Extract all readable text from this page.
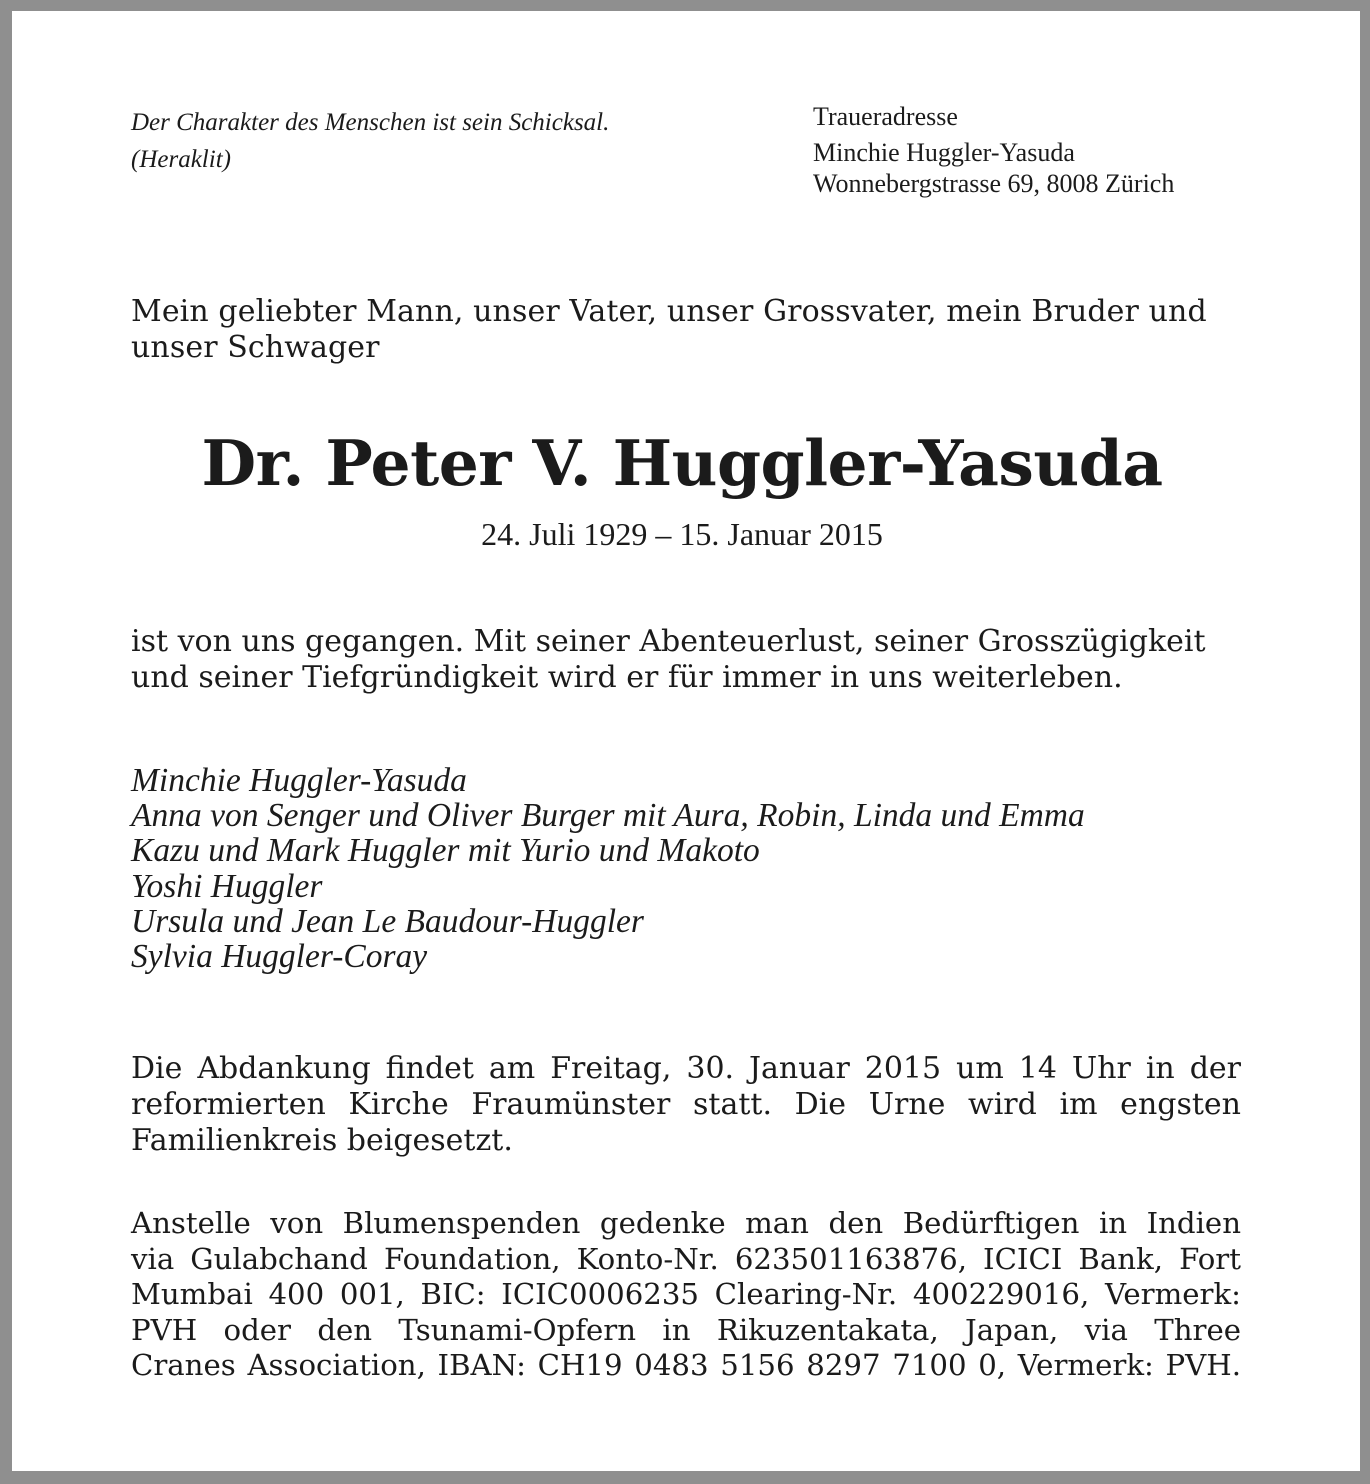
Der Charakter des Menschen ist sein Schicksal.
(Heraklit)
Traueradresse
Minchie Huggler-Yasuda
Wonnebergstrasse 69, 8008 Zürich
Mein geliebter Mann, unser Vater, unser Grossvater, mein Bruder und unser Schwager
Dr. Peter V. Huggler-Yasuda
24. Juli 1929 – 15. Januar 2015
ist von uns gegangen. Mit seiner Abenteuerlust, seiner Grosszügigkeit und seiner Tiefgründigkeit wird er für immer in uns weiterleben.
Minchie Huggler-Yasuda
Anna von Senger und Oliver Burger mit Aura, Robin, Linda und Emma
Kazu und Mark Huggler mit Yurio und Makoto
Yoshi Huggler
Ursula und Jean Le Baudour-Huggler
Sylvia Huggler-Coray
Die Abdankung findet am Freitag, 30. Januar 2015 um 14 Uhr in der reformierten Kirche Fraumünster statt. Die Urne wird im engsten Familienkreis beigesetzt.
Anstelle von Blumenspenden gedenke man den Bedürftigen in Indien
via Gulabchand Foundation, Konto-Nr. 623501163876, ICICI Bank, Fort
Mumbai 400 001, BIC: ICIC0006235 Clearing-Nr. 400229016, Vermerk:
PVH oder den Tsunami-Opfern in Rikuzentakata, Japan, via Three
Cranes Association, IBAN: CH19 0483 5156 8297 7100 0, Vermerk: PVH.
